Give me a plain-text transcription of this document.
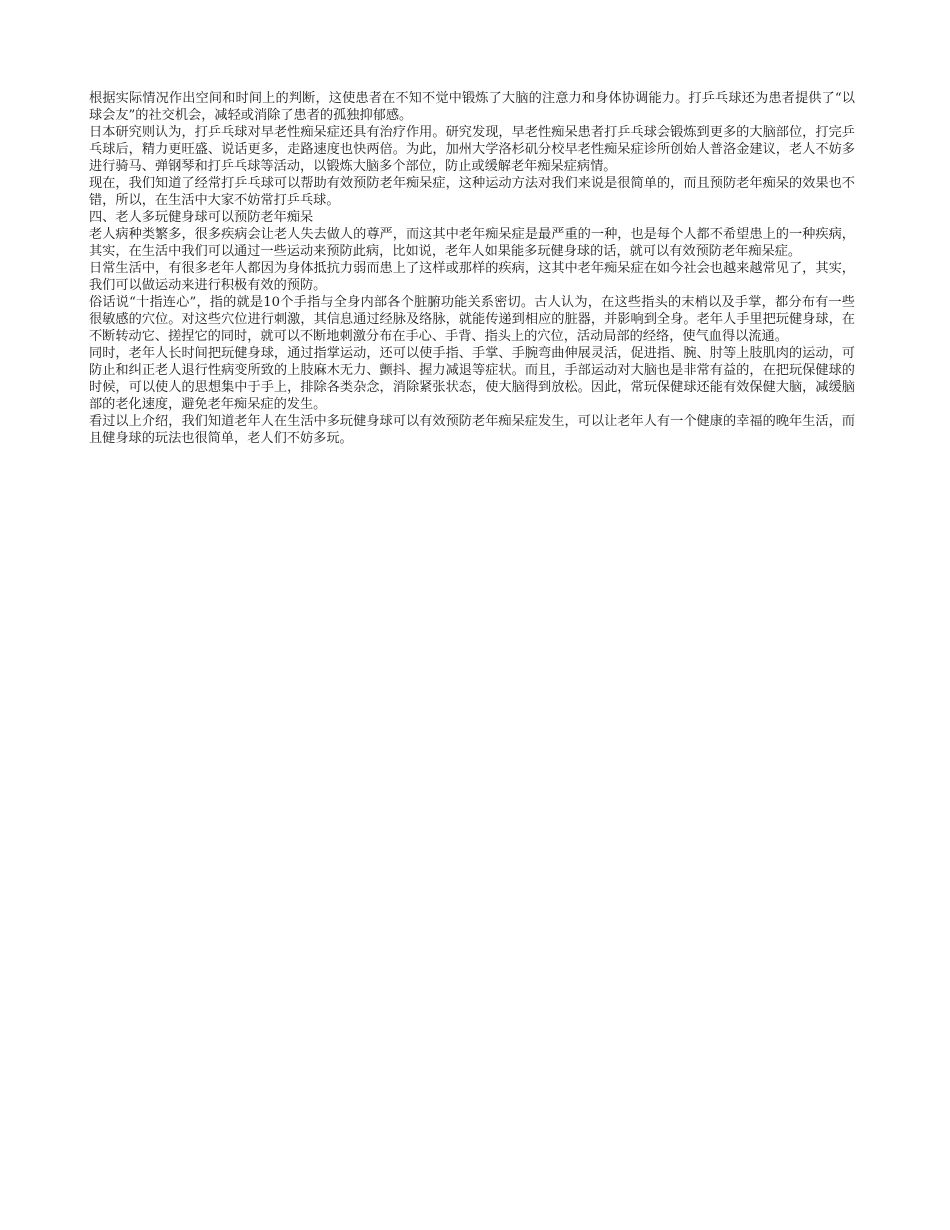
根据实际情况作出空间和时间上的判断，这使患者在不知不觉中锻炼了大脑的注意力和身体协调能力。打乒乓球还为患者提供了“以球会友”的社交机会，减轻或消除了患者的孤独抑郁感。

日本研究则认为，打乒乓球对早老性痴呆症还具有治疗作用。研究发现，早老性痴呆患者打乒乓球会锻炼到更多的大脑部位，打完乒乓球后，精力更旺盛、说话更多，走路速度也快两倍。为此，加州大学洛杉矶分校早老性痴呆症诊所创始人普洛金建议，老人不妨多进行骑马、弹钢琴和打乒乓球等活动，以锻炼大脑多个部位，防止或缓解老年痴呆症病情。

现在，我们知道了经常打乒乓球可以帮助有效预防老年痴呆症，这种运动方法对我们来说是很简单的，而且预防老年痴呆的效果也不错，所以，在生活中大家不妨常打乒乓球。

四、老人多玩健身球可以预防老年痴呆

老人病种类繁多，很多疾病会让老人失去做人的尊严，而这其中老年痴呆症是最严重的一种，也是每个人都不希望患上的一种疾病，其实，在生活中我们可以通过一些运动来预防此病，比如说，老年人如果能多玩健身球的话，就可以有效预防老年痴呆症。

日常生活中，有很多老年人都因为身体抵抗力弱而患上了这样或那样的疾病，这其中老年痴呆症在如今社会也越来越常见了，其实，我们可以做运动来进行积极有效的预防。

俗话说“十指连心”，指的就是10个手指与全身内部各个脏腑功能关系密切。古人认为，在这些指头的末梢以及手掌，都分布有一些很敏感的穴位。对这些穴位进行刺激，其信息通过经脉及络脉，就能传递到相应的脏器，并影响到全身。老年人手里把玩健身球，在不断转动它、搓捏它的同时，就可以不断地刺激分布在手心、手背、指头上的穴位，活动局部的经络，使气血得以流通。

同时，老年人长时间把玩健身球，通过指掌运动，还可以使手指、手掌、手腕弯曲伸展灵活，促进指、腕、肘等上肢肌肉的运动，可防止和纠正老人退行性病变所致的上肢麻木无力、颤抖、握力减退等症状。而且，手部运动对大脑也是非常有益的，在把玩保健球的时候，可以使人的思想集中于手上，排除各类杂念，消除紧张状态，使大脑得到放松。因此，常玩保健球还能有效保健大脑，减缓脑部的老化速度，避免老年痴呆症的发生。

看过以上介绍，我们知道老年人在生活中多玩健身球可以有效预防老年痴呆症发生，可以让老年人有一个健康的幸福的晚年生活，而且健身球的玩法也很简单，老人们不妨多玩。
